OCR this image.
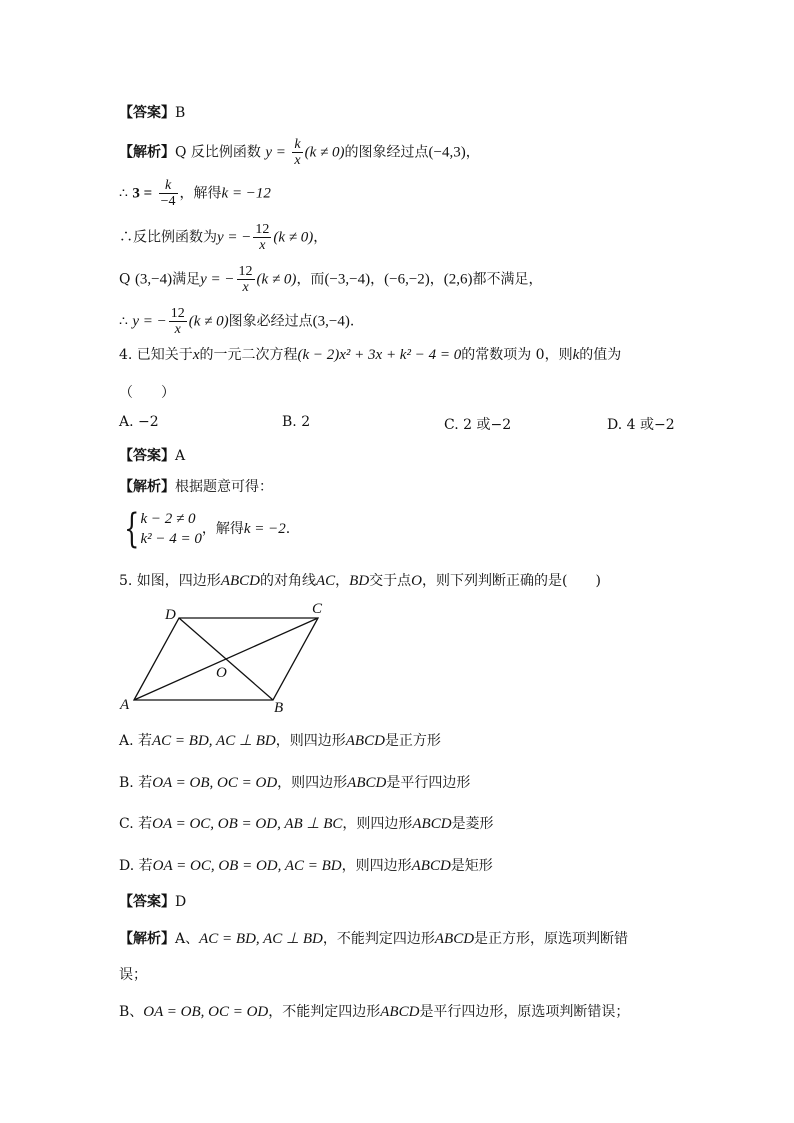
【答案】B
【解析】Q 反比例函数 $y = \frac{k}{x} (k \ne 0)$的图象经过点(−4,3)，
∴ $3 = \frac{k}{-4}$ ，解得k = −12
∴反比例函数为y = − $\frac{12}{x} (k \ne 0)$，
Q (3,−4)满足y = − $\frac{12}{x} (k \ne 0)$，而(−3,−4)，(−6,−2)，(2,6)都不满足，
∴ y = − $\frac{12}{x} (k \ne 0)$图象必经过点(3,−4).
4. 已知关于x的一元二次方程(k − 2)x² + 3x + k² − 4 = 0的常数项为 0，则k的值为
（　　）
A. −2	B. 2	C. 2 或−2	D. 4 或−2
【答案】A
【解析】根据题意可得：
{ k − 2 ≠ 0
k² − 4 = 0
，解得k = −2.
5. 如图，四边形ABCD的对角线AC，BD交于点O，则下列判断正确的是(　　)
A	B
C
D
O
A. 若AC = BD, AC ⊥ BD，则四边形ABCD是正方形
B. 若OA = OB, OC = OD，则四边形ABCD是平行四边形
C. 若OA = OC, OB = OD, AB ⊥ BC，则四边形ABCD是菱形
D. 若OA = OC, OB = OD, AC = BD，则四边形ABCD是矩形
【答案】D
【解析】A、AC = BD, AC ⊥ BD，不能判定四边形ABCD是正方形，原选项判断错
误；
B、OA = OB, OC = OD，不能判定四边形ABCD是平行四边形，原选项判断错误；
